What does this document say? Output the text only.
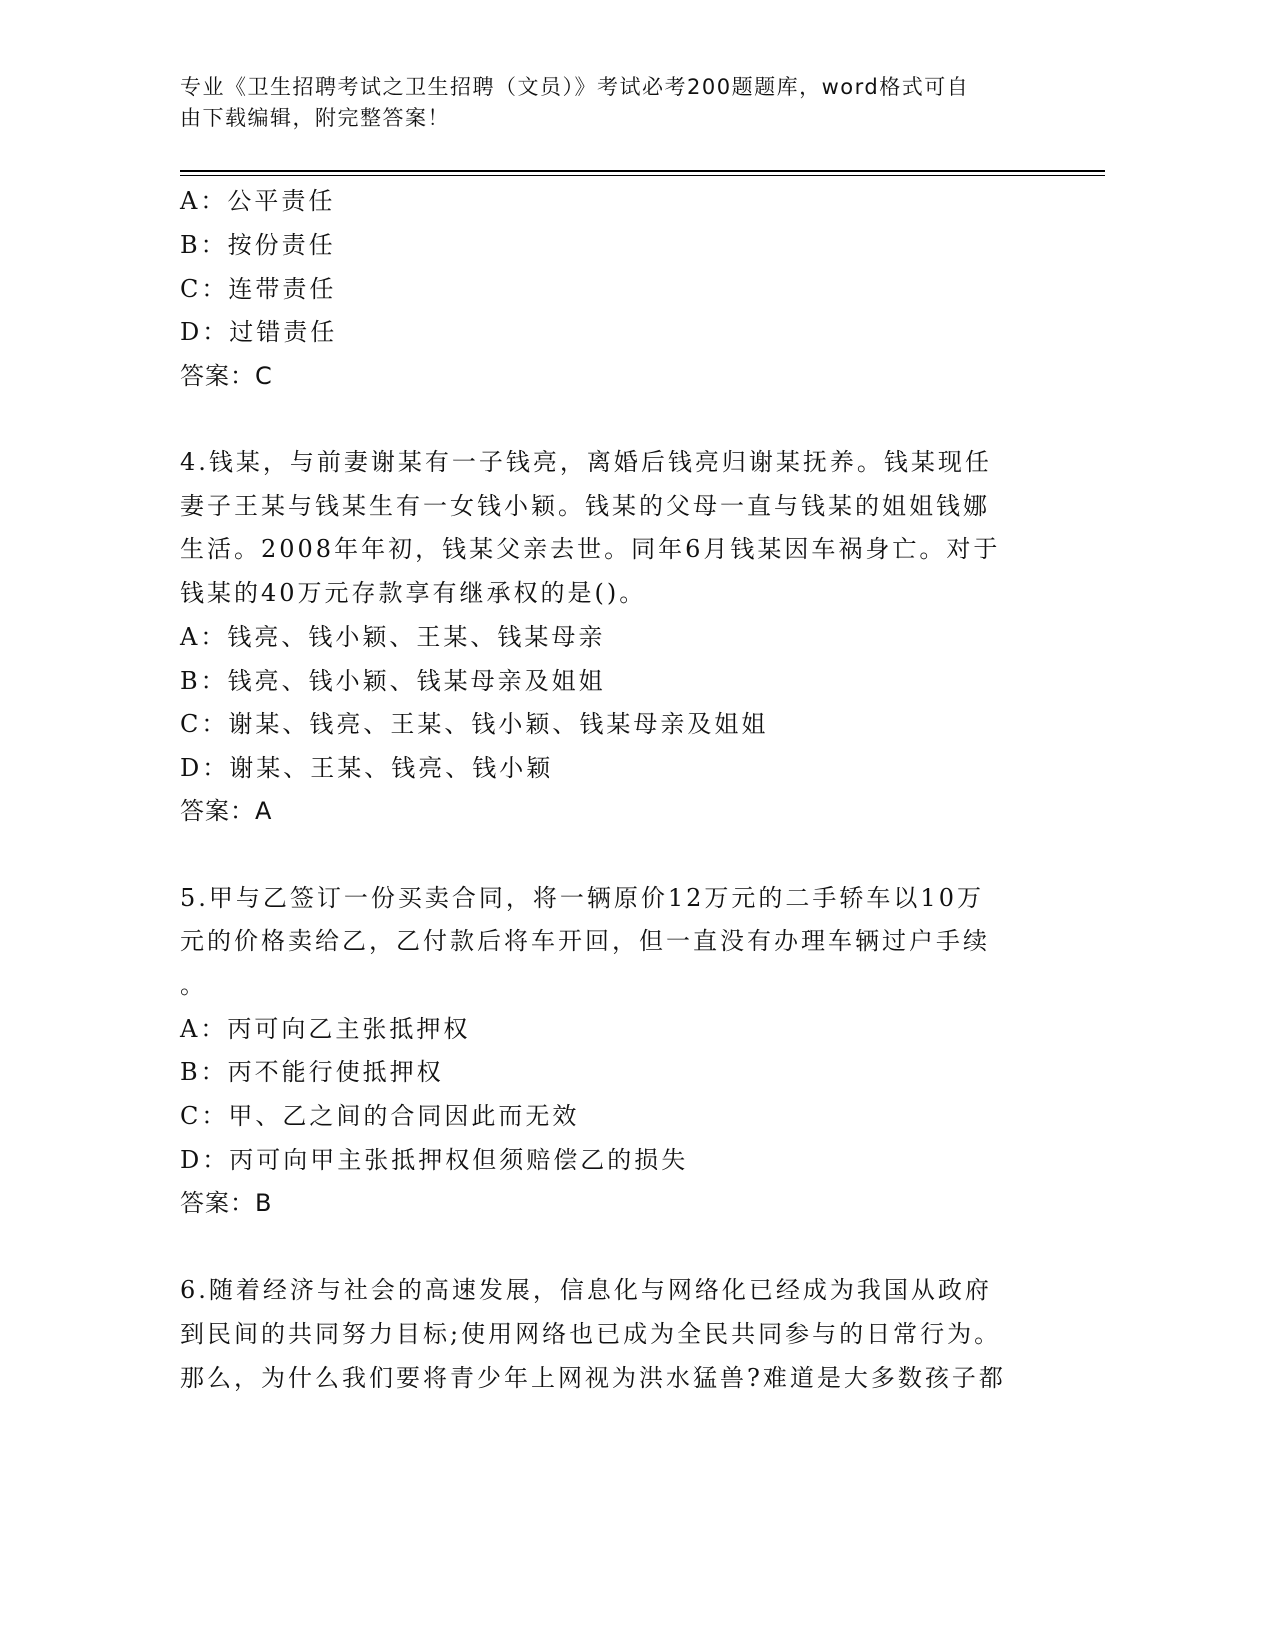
专业《卫生招聘考试之卫生招聘（文员）》考试必考200题题库，word格式可自
由下载编辑，附完整答案！
A：公平责任
B：按份责任
C：连带责任
D：过错责任
答案：C
4.钱某，与前妻谢某有一子钱亮，离婚后钱亮归谢某抚养。钱某现任
妻子王某与钱某生有一女钱小颖。钱某的父母一直与钱某的姐姐钱娜
生活。2008年年初，钱某父亲去世。同年6月钱某因车祸身亡。对于
钱某的40万元存款享有继承权的是()。
A：钱亮、钱小颖、王某、钱某母亲
B：钱亮、钱小颖、钱某母亲及姐姐
C：谢某、钱亮、王某、钱小颖、钱某母亲及姐姐
D：谢某、王某、钱亮、钱小颖
答案：A
5.甲与乙签订一份买卖合同，将一辆原价12万元的二手轿车以10万
元的价格卖给乙，乙付款后将车开回，但一直没有办理车辆过户手续
。
A：丙可向乙主张抵押权
B：丙不能行使抵押权
C：甲、乙之间的合同因此而无效
D：丙可向甲主张抵押权但须赔偿乙的损失
答案：B
6.随着经济与社会的高速发展，信息化与网络化已经成为我国从政府
到民间的共同努力目标;使用网络也已成为全民共同参与的日常行为。
那么，为什么我们要将青少年上网视为洪水猛兽?难道是大多数孩子都
